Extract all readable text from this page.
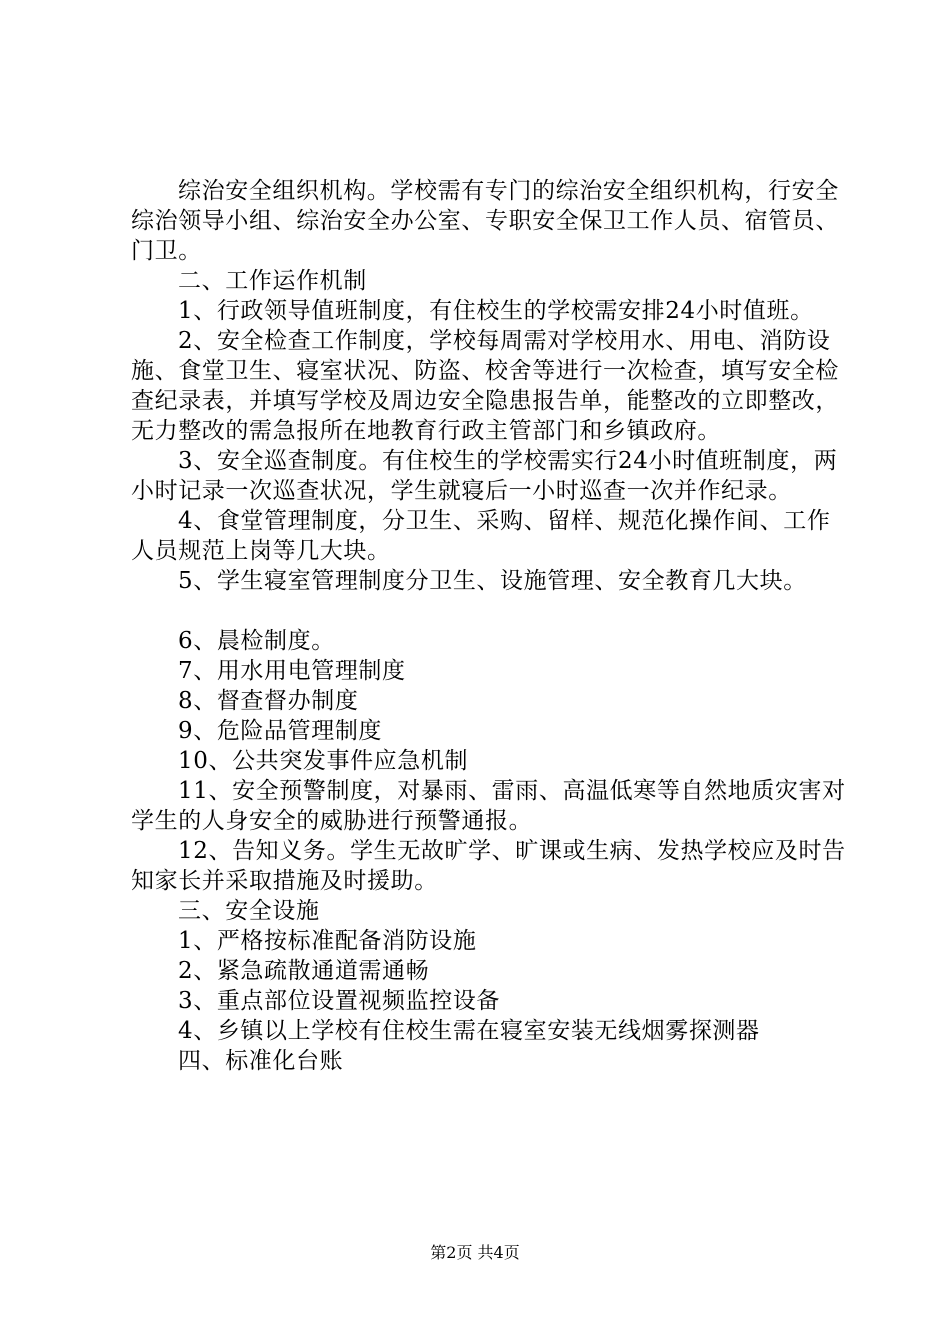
综治安全组织机构。学校需有专门的综治安全组织机构，行安全综治领导小组、综治安全办公室、专职安全保卫工作人员、宿管员、门卫。

二、工作运作机制

1、行政领导值班制度，有住校生的学校需安排24小时值班。

2、安全检查工作制度，学校每周需对学校用水、用电、消防设施、食堂卫生、寝室状况、防盗、校舍等进行一次检查，填写安全检查纪录表，并填写学校及周边安全隐患报告单，能整改的立即整改，无力整改的需急报所在地教育行政主管部门和乡镇政府。

3、安全巡查制度。有住校生的学校需实行24小时值班制度，两小时记录一次巡查状况，学生就寝后一小时巡查一次并作纪录。

4、食堂管理制度，分卫生、采购、留样、规范化操作间、工作人员规范上岗等几大块。

5、学生寝室管理制度分卫生、设施管理、安全教育几大块。

6、晨检制度。

7、用水用电管理制度

8、督查督办制度

9、危险品管理制度

10、公共突发事件应急机制

11、安全预警制度，对暴雨、雷雨、高温低寒等自然地质灾害对学生的人身安全的威胁进行预警通报。

12、告知义务。学生无故旷学、旷课或生病、发热学校应及时告知家长并采取措施及时援助。

三、安全设施

1、严格按标准配备消防设施

2、紧急疏散通道需通畅

3、重点部位设置视频监控设备

4、乡镇以上学校有住校生需在寝室安装无线烟雾探测器

四、标准化台账

第2页 共4页
